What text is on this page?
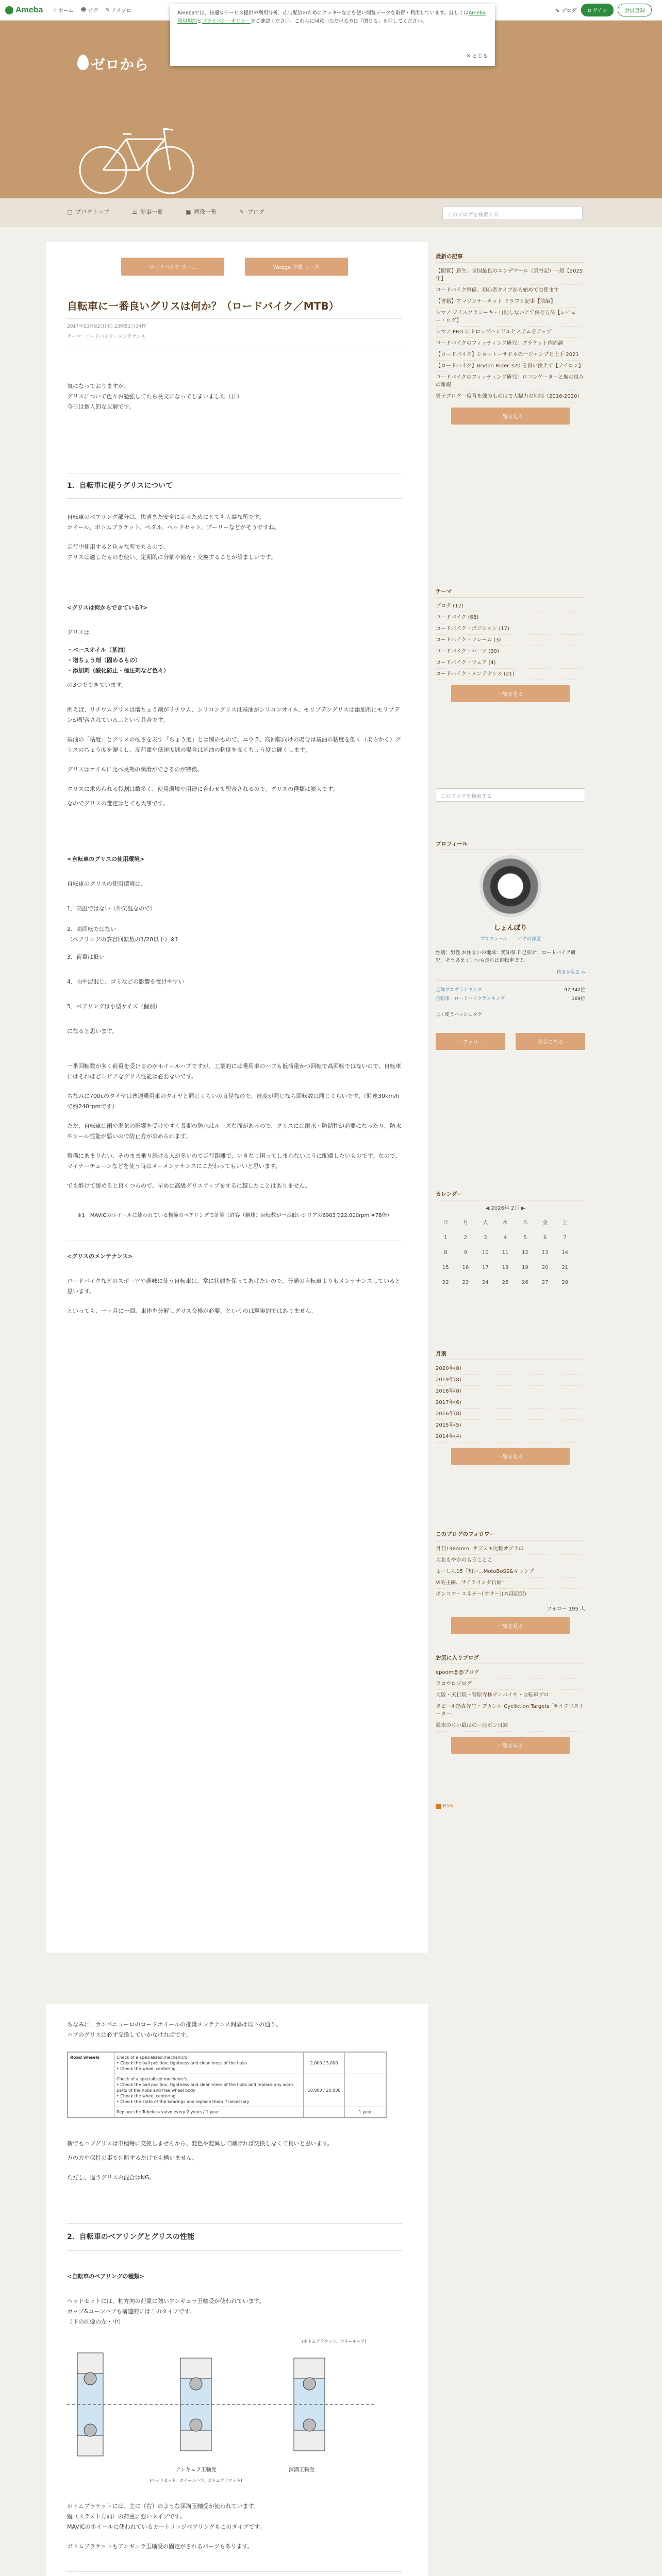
Ameba ⌂ ホーム ☻ ピグ ✎ アメブロ	✎ ブログ	ログイン	会員登録
ゼロから
Amebaでは、快適なサービス提供や利用分析、広告配信のためにクッキーなどを使い閲覧データを取得・利用しています。詳しくはAmeba利用規約とプライバシーポリシーをご確認ください。これらに同意いただける方は「閉じる」を押してください。
✕ とじる
▢ ブログトップ	☰ 記事一覧	▣ 画像一覧	✎ ブログ	このブログを検索する
ロードバイク ヨー…	Wedge 中級 レース
自転車に一番良いグリスは何か？（ロードバイク／MTB）
2017年03月02日(木) 23時51分34秒
テーマ：ロードバイク・メンテナンス

気になっておりますが、
グリスについて色々お勉強してたら長文になってしまいました（汗）
今日は個人的な見解です。

1．自転車に使うグリスについて

自転車のベアリング部分は、快適また安全に走るためにとても大事な所です。
ホイール、ボトムブラケット、ペダル、ヘッドセット、プーリーなどがそうですね。

走行中使用すると色々な所でちるので、
グリスは適したものを使い、定期的に分解や補充・交換することが望ましいです。

<グリスは何からできている?>

グリスは

・ベースオイル（基油）
・増ちょう剤（固めるもの）
・添加剤（酸化防止・極圧剤など色々）

の3つでできています。

例えば、リチウムグリスは増ちょう剤がリチウム、シリコングリスは基油がシリコンオイル、モリブデングリスは添加剤にモリブデンが配合されている…という具合です。

基油の「粘度」とグリスの硬さを表す「ちょう度」とは別のもので、ユウラ、高回転向けの場合は基油の粘度を低く（柔らかく）グリスのちょう度を硬くし、高荷重や低速度域の場合は基油の粘度を高くちょう度は硬くします。

グリスはオイルに比べ長期の潤滑ができるのが特徴。

グリスに求められる役割は数多く、使用環境や用途に合わせて配合されるので、グリスの種類は膨大です。

なのでグリスの選定はとても大事です。

<自転車のグリスの使用環境>

自転車のグリスの使用環境は、

1．高温ではない（外気温なので）

2．高回転ではない
（ベアリングの許容回転数の1/20以下）※1

3．荷重は低い

4．雨や泥混じ、ゴミなどの影響を受けやすい

5．ベアリングは小型サイズ（個別）

になると思います。

一番回転数が多く荷重を受けるのがホイールハブですが、工業的には乗用車のハブも低荷重かつ回転で高回転ではないので、自転車にはそれほどシビアなグリス性能は必要ないです。

ちなみに700cのタイヤは普通乗用車のタイヤと同じくらいの直径なので、速度が同じなら回転数は同じくらいです。（時速30km/hで約240rpmです）

ただ、自転車は雨や湿気の影響を受けやすく長期の防水はルーズな面があるので、グリスには耐水・防錆性が必要になったり、防水やシール性能が悪いので防止方が求められます。

整備にあまりわい、そのまま乗り続ける人が多いので走行距離で、いきなり困ってしまわないように配慮したいものです。なので、マイナーチェーンなどを使う時はメーメンテナンスにこだわってもいいと思います。

でも酔けて緩めると良くつらので、早めに高級グリスアップをするに越したことはありません。

※1　MAVICのホイールに使われている模範のベアリングで計算（許容（鋼球）回転数が一番低いシリアの6903で22,000rpm ※78倍）

<グリスのメンテナンス>

ロードバイクなどのスポーツや趣味に使う自転車は、常に状態を保ってあげたいので、普通の自転車よりもメンテナンスしていると思います。

といっても、一ヶ月に一回、車体を分解しグリス交換が必要、というのは現実的ではありません。

ちなみに、カンパニョーロのロードホイールの推奨メンテナンス間隔は以下の通り。
ハブのグリスは必ず交換していかなければです。

Road wheels	Check of a specialized mechanic's
• Check the ball position, tightness and cleanliness of the hubs
• Check the wheel centering	2,000 / 3,000	
	Check of a specialized mechanic's
• Check the ball position, tightness and cleanliness of the hubs and replace any worn parts of the hubs and free wheel body
• Check the wheel centering
• Check the state of the bearings and replace them if necessary	10,000 / 20,000	
	Replace the Tubeless valve every 2 years / 1 year		1 year

新でもハブグリスは車種毎に交換しませんから、変色や変異して剛げれば交換しなくて良いと思います。

万の力や保持の事で判断するだけでも構いません。

ただし、違うグリスの混合はNG。

2．自転車のベアリングとグリスの性能

<自転車のベアリングの種類>

ヘッドセットには、軸方向の荷重に強いアンギュラ玉軸受が使われています。
カップ&コーンハブも構造的にはこのタイプです。
（下の画像の左・中）

(ボトムブラケット、ホイールハブ)
アンギュラ玉軸受
(ヘッドセット、ホイールハブ、ボトムブラケット)
深溝玉軸受

ボトムブラケットには、主に（右）のような深溝玉軸受が使われています。
縦（スラスト方向）の荷重に強いタイプです。
MAVICのホイールに使われているカートリッジベアリングもこのタイプです。

ボトムブラケットもアンギュラ玉軸受の固定がされるパーツもあります。

最新の記事
【閲覧】新生、全国最良のエンデマール（泉谷記）一般【2025年】
ロードバイク整備。初心者タイプから始めてお使ます
【書籍】アマゾンナーキット ドラフト記事【前編】
シマノ アイスクラシーキ・自動しないとて保存方法【レビュー・ログ】
シマノ PRO にドロップハンドルとステムをアップ
ロードバイクのフィッティング研究：ブラケット内周調
【ロードバイク】ショートーサドルの一ジャンプと上手 2021
【ロードバイク】Bryton Rider 320 を買い換えて【テイコン】
ロードバイクのフィッティング研究：ロコンゲーターと振の組みの雑観
男子ブログー度背を練のものはで大幅力の地地（2016-2020）
一覧を見る
テーマ
ブログ (12)
ロードバイク (68)
ロードバイク・ポジション (17)
ロードバイク・フレーム (3)
ロードバイク・パーツ (30)
ロードバイク・ウェア (4)
ロードバイク・メンテナンス (21)
一覧を見る
このブログを検索する
プロフィール
しょんぼり
プロフィール ピグの部屋
性別：男性 お住まいの地域：愛知県 自己紹介：ロードバイク研究。そうあえずいつも走れば自転車です。
続きを見る >
全体ブログランキング	97,342位
自転車・ロードバイクランキング	169位
よく使うハッシュタグ
＋フォロー	読者になる
カレンダー
◀ 2026年 2月 ▶
日	月	火	水	木	金	土
1	2	3	4	5	6	7
8	9	10	11	12	13	14
15	16	17	18	19	20	21
22	23	24	25	26	27	28
月別
2020年(8)
2019年(8)
2018年(8)
2017年(6)
2016年(8)
2015年(5)
2014年(4)
一覧を見る
このブログのフォロワー
月刊1984mm: サブスキ比較オブラの
大北もやかのもうことこ
よーしん15「知い…MotoBoSS&キャンプ
Vi的主線、サイクリング自給！
ボンコツ・ユネテー[オサー](本部記記)
フォロー 195 人
一覧を見る
お気に入りブログ
epoom@@ブログ
ウロウロブログ
大阪・天日院・菅原寺林ディバイサ・自転車ブロ
タピール筋森先生・ブカンル Cycliktion Targets ｢サイクロストーター｣
週末のちい最はのー段ボン日録
一覧を見る
RSS
